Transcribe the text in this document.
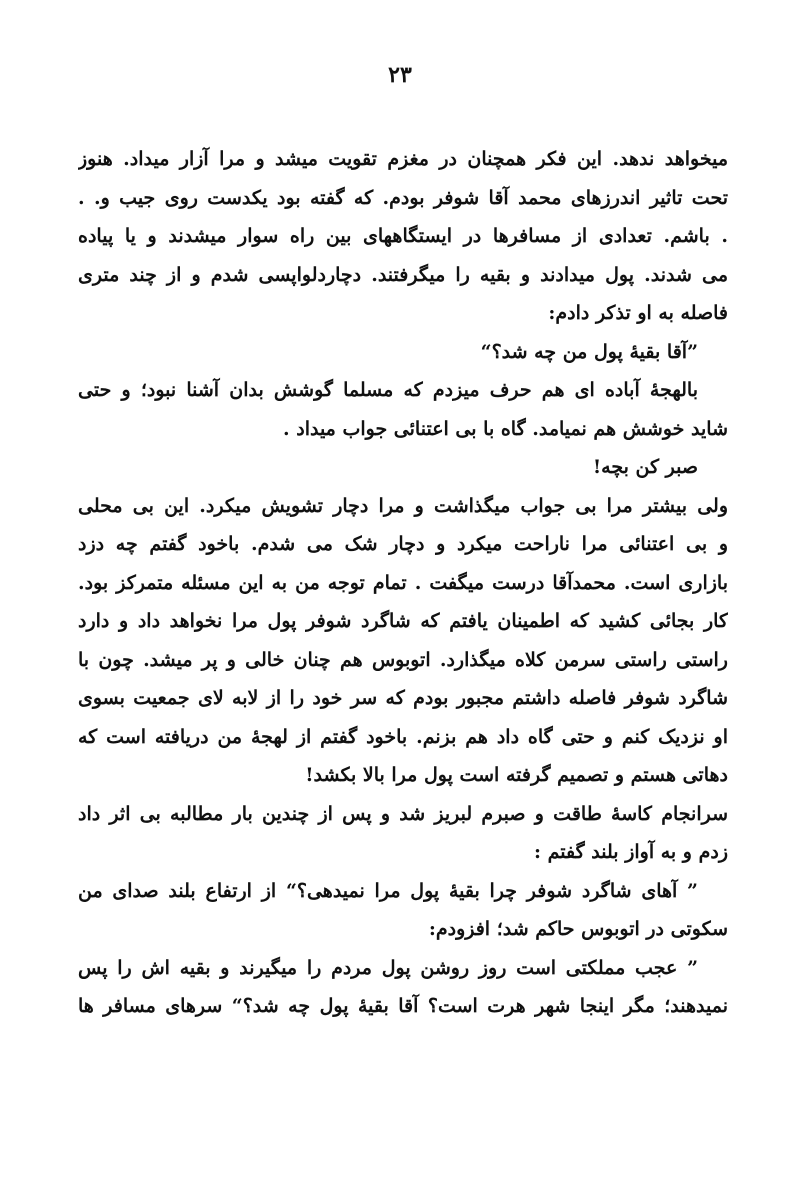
۲۳
میخواهد ندهد. این فکر همچنان در مغزم تقویت میشد و مرا آزار میداد. هنوز
تحت تاثیر اندرزهای محمد آقا شوفر بودم. که گفته بود یکدست روی جیب و. .
. باشم. تعدادی از مسافرها در ایستگاههای بین راه سوار میشدند و یا پیاده
می شدند. پول میدادند و بقیه را میگرفتند. دچاردلواپسی شدم و از چند متری
فاصله به او تذکر دادم:
”آقا بقیهٔ پول من چه شد؟“
بالهجهٔ آباده ای هم حرف میزدم که مسلما گوشش بدان آشنا نبود؛ و حتی
شاید خوشش هم نمیامد. گاه با بی اعتنائی جواب میداد .
صبر کن بچه!
ولی بیشتر مرا بی جواب میگذاشت و مرا دچار تشویش میکرد. این بی محلی
و بی اعتنائی مرا ناراحت میکرد و دچار شک می شدم. باخود گفتم چه دزد
بازاری است. محمدآقا درست میگفت . تمام توجه من به این مسئله متمرکز بود.
کار بجائی کشید که اطمینان یافتم که شاگرد شوفر پول مرا نخواهد داد و دارد
راستی راستی سرمن کلاه میگذارد. اتوبوس هم چنان خالی و پر میشد. چون با
شاگرد شوفر فاصله داشتم مجبور بودم که سر خود را از لابه لای جمعیت بسوی
او نزدیک کنم و حتی گاه داد هم بزنم. باخود گفتم از لهجهٔ من دریافته است که
دهاتی هستم و تصمیم گرفته است پول مرا بالا بکشد!
سرانجام کاسهٔ طاقت و صبرم لبریز شد و پس از چندین بار مطالبه بی اثر داد
زدم و به آواز بلند گفتم :
” آهای شاگرد شوفر چرا بقیهٔ پول مرا نمیدهی؟“ از ارتفاع بلند صدای من
سکوتی در اتوبوس حاکم شد؛ افزودم:
” عجب مملکتی است روز روشن پول مردم را میگیرند و بقیه اش را پس
نمیدهند؛ مگر اینجا شهر هرت است؟ آقا بقیهٔ پول چه شد؟“ سرهای مسافر ها
